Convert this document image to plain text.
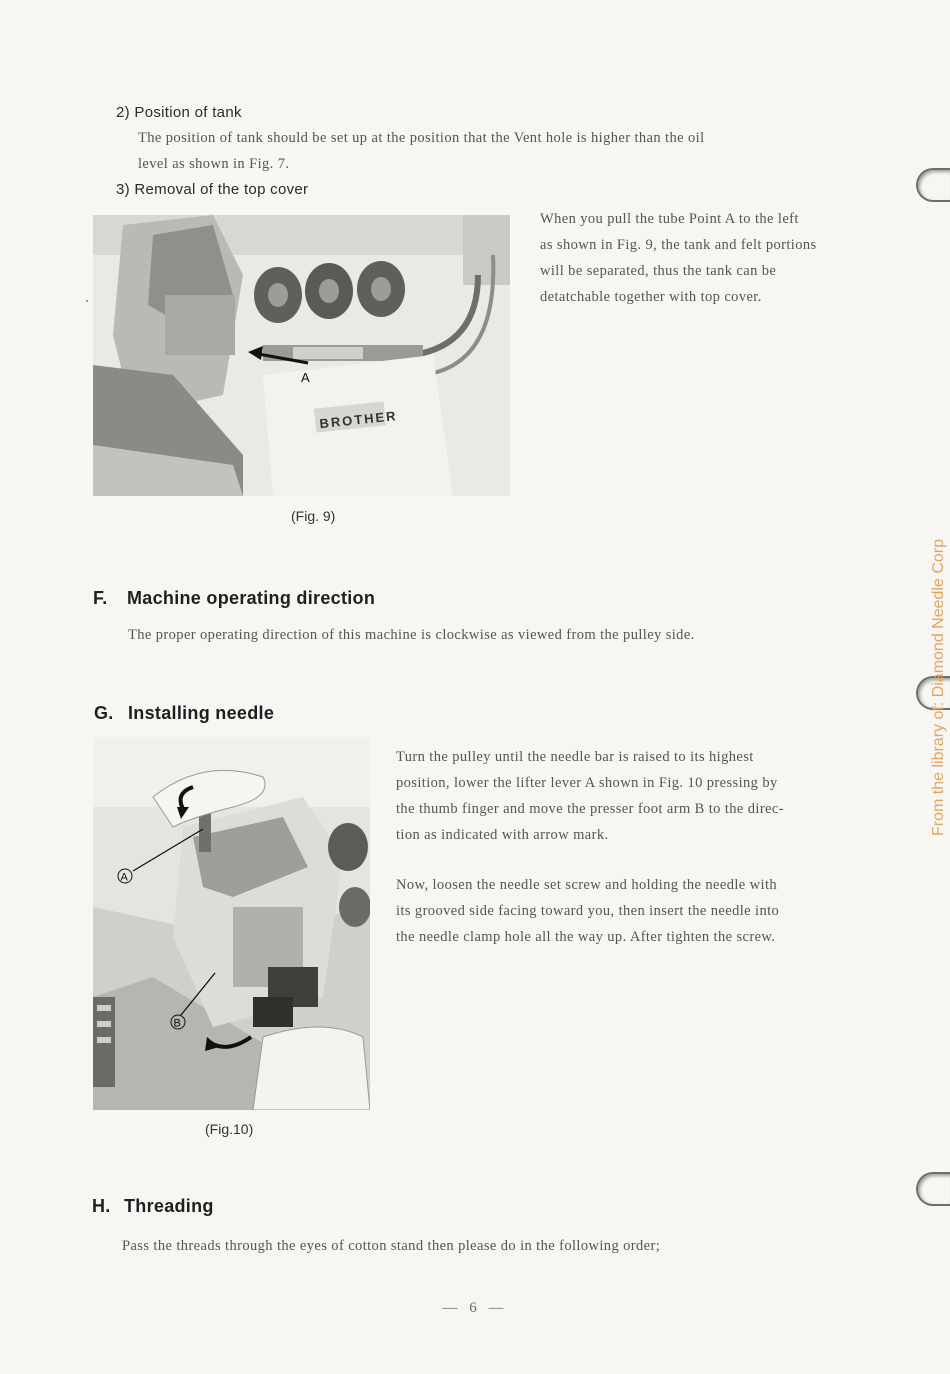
2) Position of tank
The position of tank should be set up at the position that the Vent hole is higher than the oil
level as shown in Fig. 7.
3) Removal of the top cover
BROTHER
A
When you pull the tube Point A to the left
as shown in Fig. 9, the tank and felt portions
will be separated, thus the tank can be
detatchable together with top cover.
(Fig. 9)
F. Machine operating direction
The proper operating direction of this machine is clockwise as viewed from the pulley side.
G. Installing needle
A
B
Turn the pulley until the needle bar is raised to its highest
position, lower the lifter lever A shown in Fig. 10 pressing by
the thumb finger and move the presser foot arm B to the direc-
tion as indicated with arrow mark.
Now, loosen the needle set screw and holding the needle with
its grooved side facing toward you, then insert the needle into
the needle clamp hole all the way up. After tighten the screw.
(Fig.10)
H. Threading
Pass the threads through the eyes of cotton stand then please do in the following order;
— 6 —
From the library of: Diamond Needle Corp
